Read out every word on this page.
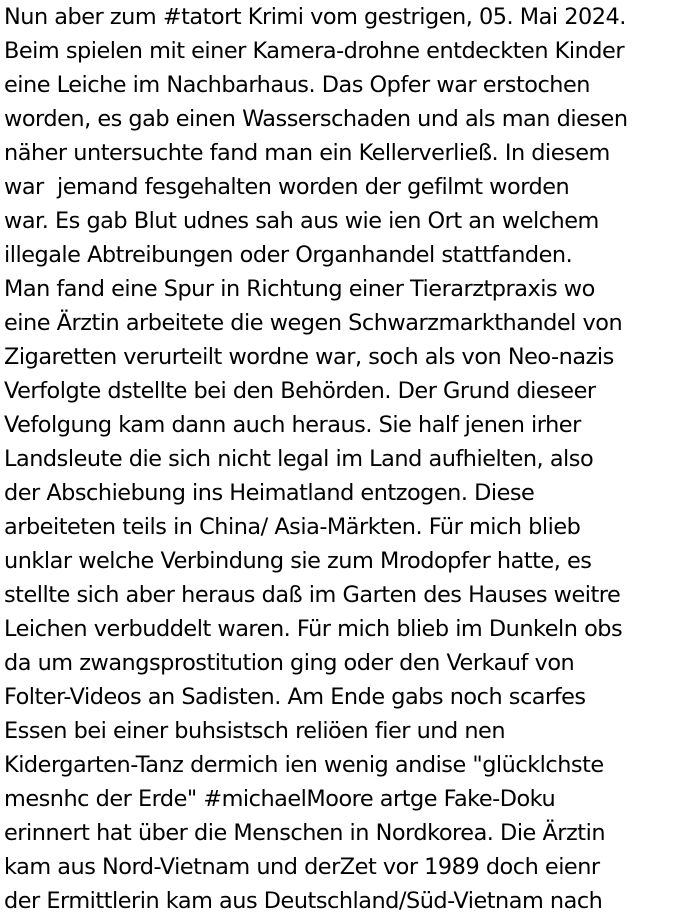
Nun aber zum #tatort Krimi vom gestrigen, 05. Mai 2024.
Beim spielen mit einer Kamera-drohne entdeckten Kinder
eine Leiche im Nachbarhaus. Das Opfer war erstochen
worden, es gab einen Wasserschaden und als man diesen
näher untersuchte fand man ein Kellerverließ. In diesem
war  jemand fesgehalten worden der gefilmt worden
war. Es gab Blut udnes sah aus wie ien Ort an welchem
illegale Abtreibungen oder Organhandel stattfanden.
Man fand eine Spur in Richtung einer Tierarztpraxis wo
eine Ärztin arbeitete die wegen Schwarzmarkthandel von
Zigaretten verurteilt wordne war, soch als von Neo-nazis
Verfolgte dstellte bei den Behörden. Der Grund dieseer
Vefolgung kam dann auch heraus. Sie half jenen irher
Landsleute die sich nicht legal im Land aufhielten, also
der Abschiebung ins Heimatland entzogen. Diese
arbeiteten teils in China/ Asia-Märkten. Für mich blieb
unklar welche Verbindung sie zum Mrodopfer hatte, es
stellte sich aber heraus daß im Garten des Hauses weitre
Leichen verbuddelt waren. Für mich blieb im Dunkeln obs
da um zwangsprostitution ging oder den Verkauf von
Folter-Videos an Sadisten. Am Ende gabs noch scarfes
Essen bei einer buhsistsch reliöen fier und nen
Kidergarten-Tanz dermich ien wenig andise "glücklchste
mesnhc der Erde" #michaelMoore artge Fake-Doku
erinnert hat über die Menschen in Nordkorea. Die Ärztin
kam aus Nord-Vietnam und derZet vor 1989 doch eienr
der Ermittlerin kam aus Deutschland/Süd-Vietnam nach
